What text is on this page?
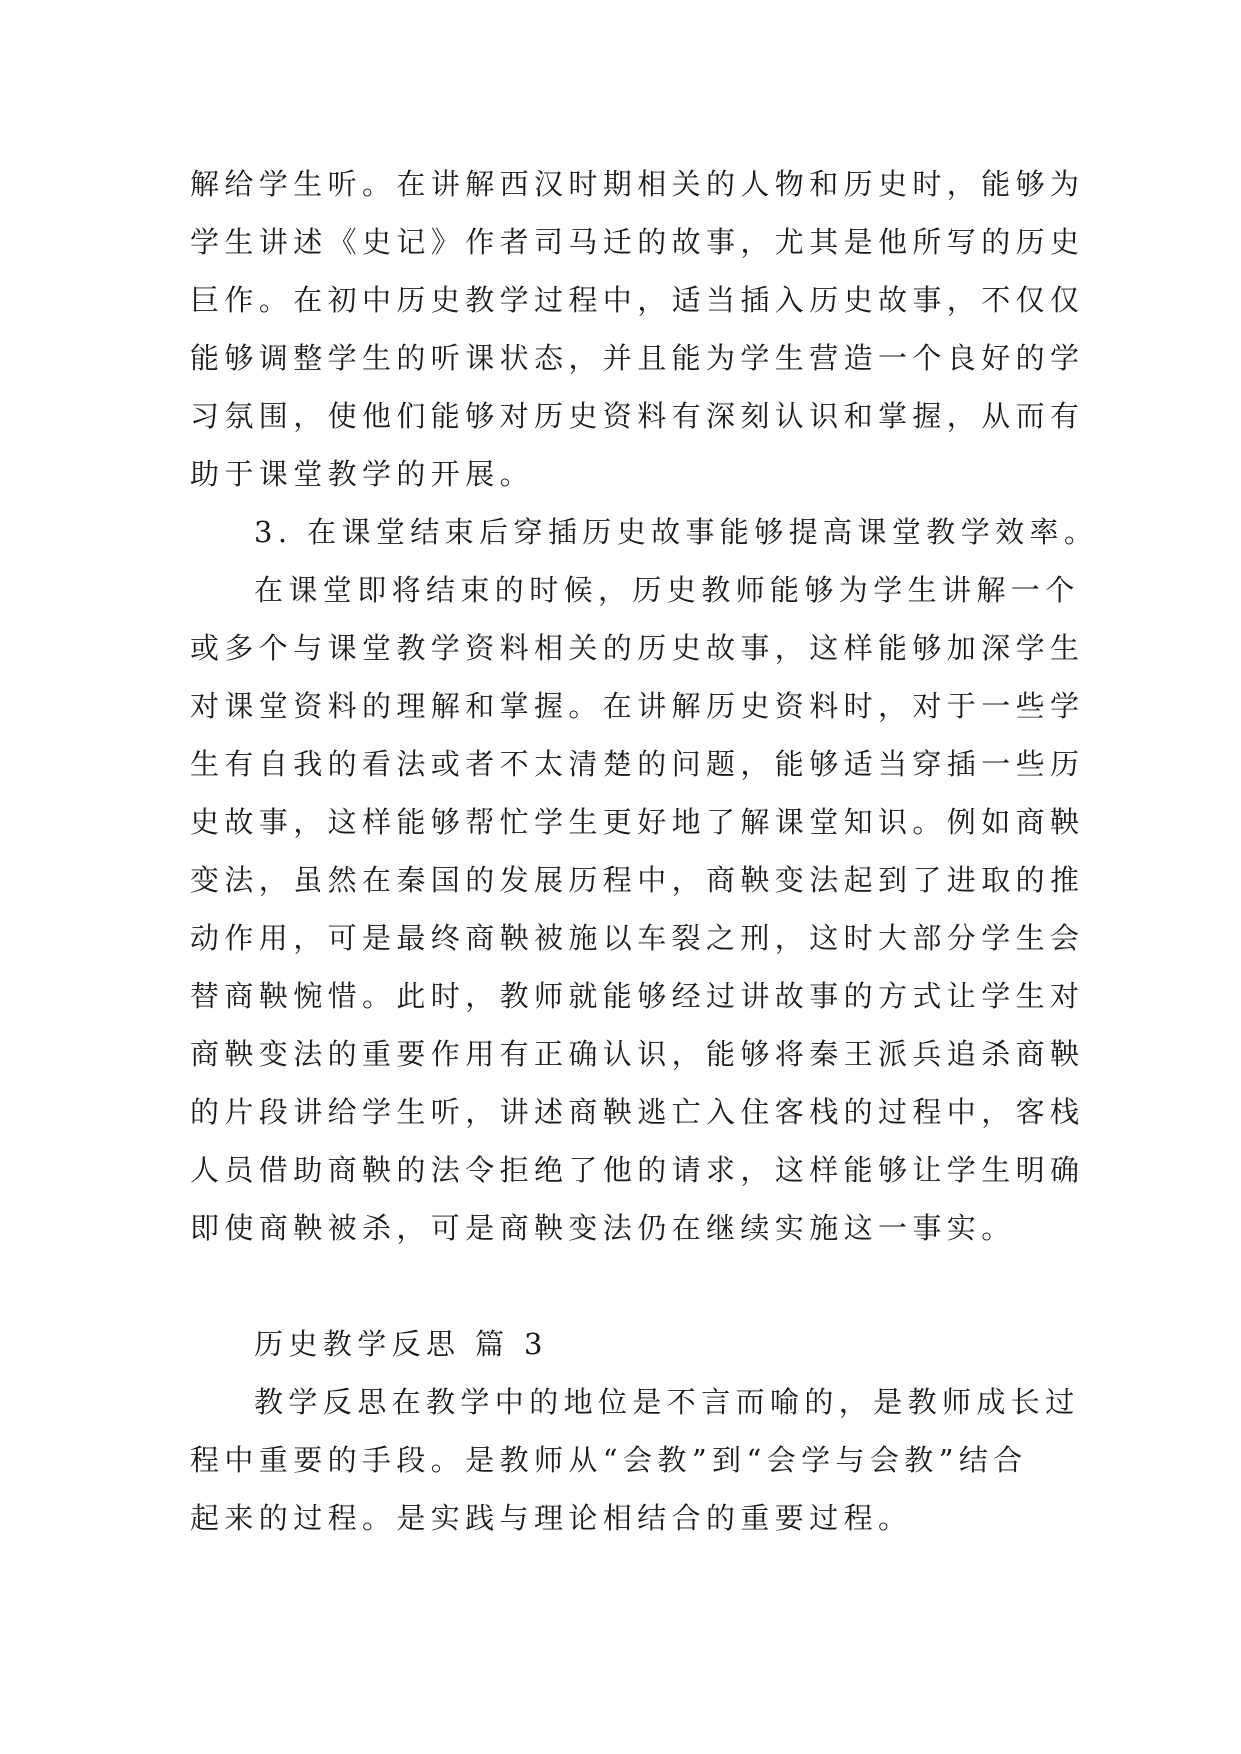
解给学生听。在讲解西汉时期相关的人物和历史时，能够为
学生讲述《史记》作者司马迁的故事，尤其是他所写的历史
巨作。在初中历史教学过程中，适当插入历史故事，不仅仅
能够调整学生的听课状态，并且能为学生营造一个良好的学
习氛围，使他们能够对历史资料有深刻认识和掌握，从而有
助于课堂教学的开展。
3. 在课堂结束后穿插历史故事能够提高课堂教学效率。
在课堂即将结束的时候，历史教师能够为学生讲解一个
或多个与课堂教学资料相关的历史故事，这样能够加深学生
对课堂资料的理解和掌握。在讲解历史资料时，对于一些学
生有自我的看法或者不太清楚的问题，能够适当穿插一些历
史故事，这样能够帮忙学生更好地了解课堂知识。例如商鞅
变法，虽然在秦国的发展历程中，商鞅变法起到了进取的推
动作用，可是最终商鞅被施以车裂之刑，这时大部分学生会
替商鞅惋惜。此时，教师就能够经过讲故事的方式让学生对
商鞅变法的重要作用有正确认识，能够将秦王派兵追杀商鞅
的片段讲给学生听，讲述商鞅逃亡入住客栈的过程中，客栈
人员借助商鞅的法令拒绝了他的请求，这样能够让学生明确
即使商鞅被杀，可是商鞅变法仍在继续实施这一事实。
历史教学反思 篇 3
教学反思在教学中的地位是不言而喻的，是教师成长过
程中重要的手段。是教师从“会教”到“会学与会教”结合
起来的过程。是实践与理论相结合的重要过程。
